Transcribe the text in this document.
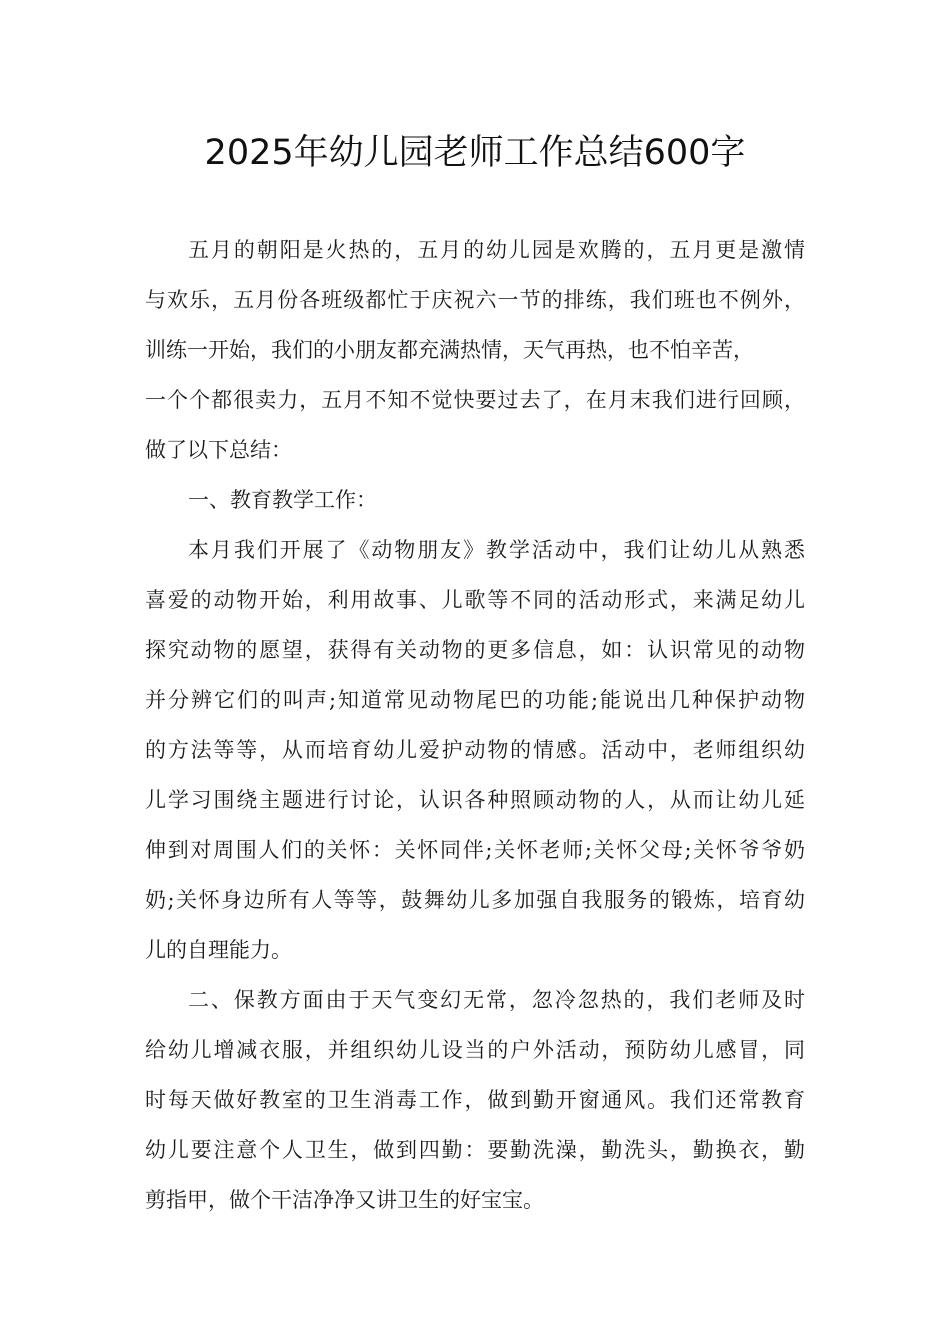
2025年幼儿园老师工作总结600字
五月的朝阳是火热的，五月的幼儿园是欢腾的，五月更是激情
与欢乐，五月份各班级都忙于庆祝六一节的排练，我们班也不例外，
训练一开始，我们的小朋友都充满热情，天气再热，也不怕辛苦，
一个个都很卖力，五月不知不觉快要过去了，在月末我们进行回顾，
做了以下总结：
一、教育教学工作：
本月我们开展了《动物朋友》教学活动中，我们让幼儿从熟悉
喜爱的动物开始，利用故事、儿歌等不同的活动形式，来满足幼儿
探究动物的愿望，获得有关动物的更多信息，如：认识常见的动物
并分辨它们的叫声;知道常见动物尾巴的功能;能说出几种保护动物
的方法等等，从而培育幼儿爱护动物的情感。活动中，老师组织幼
儿学习围绕主题进行讨论，认识各种照顾动物的人，从而让幼儿延
伸到对周围人们的关怀：关怀同伴;关怀老师;关怀父母;关怀爷爷奶
奶;关怀身边所有人等等，鼓舞幼儿多加强自我服务的锻炼，培育幼
儿的自理能力。
二、保教方面由于天气变幻无常，忽冷忽热的，我们老师及时
给幼儿增减衣服，并组织幼儿设当的户外活动，预防幼儿感冒，同
时每天做好教室的卫生消毒工作，做到勤开窗通风。我们还常教育
幼儿要注意个人卫生，做到四勤：要勤洗澡，勤洗头，勤换衣，勤
剪指甲，做个干洁净净又讲卫生的好宝宝。
